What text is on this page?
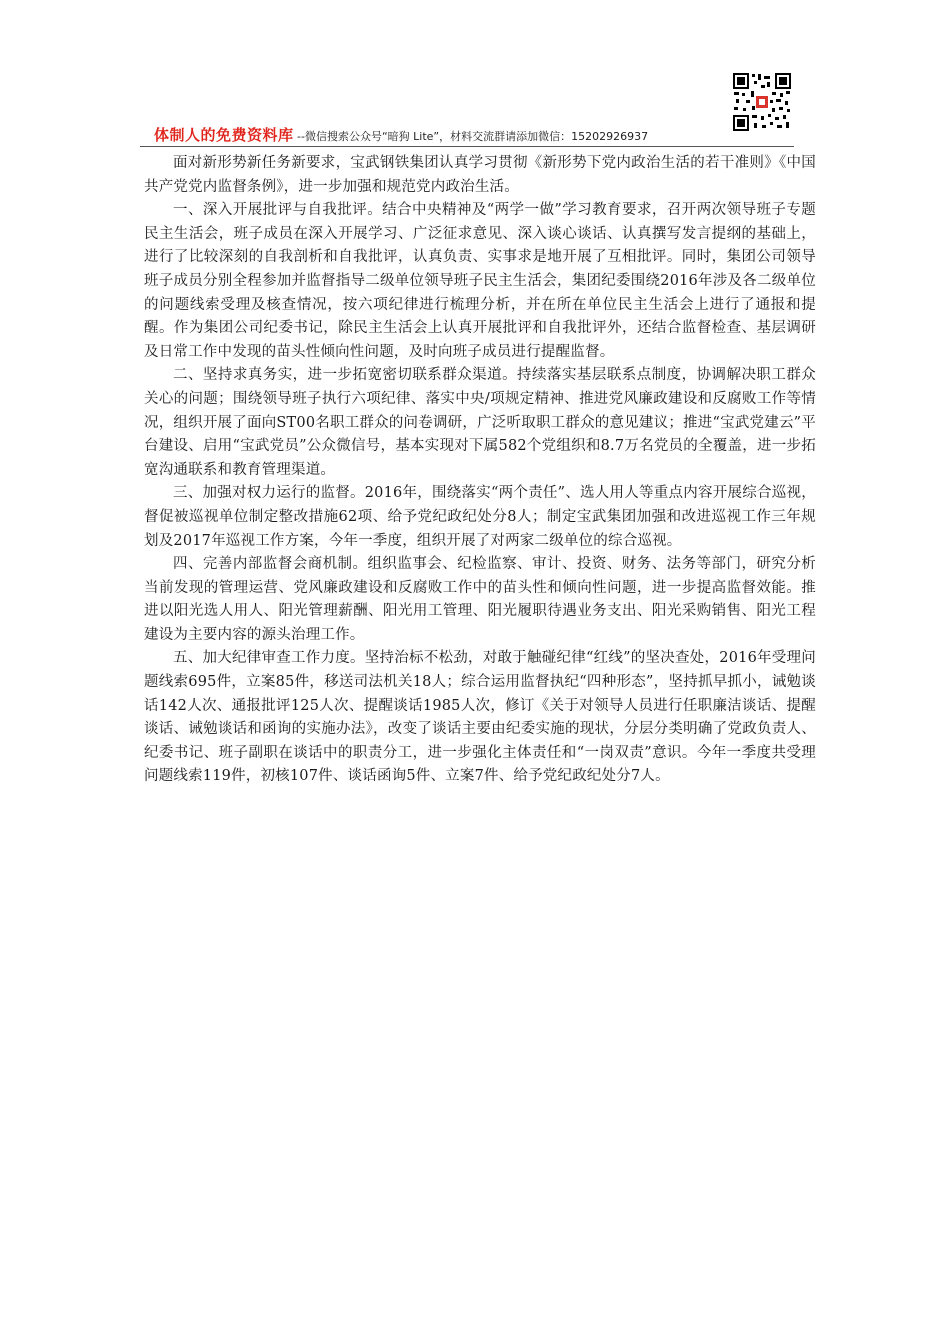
体制人的免费资料库 --微信搜索公众号“暗狗 Lite”，材料交流群请添加微信：15202926937

面对新形势新任务新要求，宝武钢铁集团认真学习贯彻《新形势下党内政治生活的若干准则》《中国共产党党内监督条例》，进一步加强和规范党内政治生活。

一、深入开展批评与自我批评。结合中央精神及“两学一做”学习教育要求，召开两次领导班子专题民主生活会，班子成员在深入开展学习、广泛征求意见、深入谈心谈话、认真撰写发言提纲的基础上，进行了比较深刻的自我剖析和自我批评，认真负责、实事求是地开展了互相批评。同时，集团公司领导班子成员分别全程参加并监督指导二级单位领导班子民主生活会，集团纪委围绕2016年涉及各二级单位的问题线索受理及核查情况，按六项纪律进行梳理分析，并在所在单位民主生活会上进行了通报和提醒。作为集团公司纪委书记，除民主生活会上认真开展批评和自我批评外，还结合监督检查、基层调研及日常工作中发现的苗头性倾向性问题，及时向班子成员进行提醒监督。

二、坚持求真务实，进一步拓宽密切联系群众渠道。持续落实基层联系点制度，协调解决职工群众关心的问题；围绕领导班子执行六项纪律、落实中央/项规定精神、推进党风廉政建设和反腐败工作等情况，组织开展了面向ST00名职工群众的问卷调研，广泛听取职工群众的意见建议；推进“宝武党建云”平台建设、启用“宝武党员”公众微信号，基本实现对下属582个党组织和8.7万名党员的全覆盖，进一步拓宽沟通联系和教育管理渠道。

三、加强对权力运行的监督。2016年，围绕落实“两个责任”、选人用人等重点内容开展综合巡视，督促被巡视单位制定整改措施62项、给予党纪政纪处分8人；制定宝武集团加强和改进巡视工作三年规划及2017年巡视工作方案，今年一季度，组织开展了对两家二级单位的综合巡视。

四、完善内部监督会商机制。组织监事会、纪检监察、审计、投资、财务、法务等部门，研究分析当前发现的管理运营、党风廉政建设和反腐败工作中的苗头性和倾向性问题，进一步提高监督效能。推进以阳光选人用人、阳光管理薪酬、阳光用工管理、阳光履职待遇业务支出、阳光采购销售、阳光工程建设为主要内容的源头治理工作。

五、加大纪律审查工作力度。坚持治标不松劲，对敢于触碰纪律“红线”的坚决查处，2016年受理问题线索695件，立案85件，移送司法机关18人；综合运用监督执纪“四种形态”，坚持抓早抓小，诫勉谈话142人次、通报批评125人次、提醒谈话1985人次，修订《关于对领导人员进行任职廉洁谈话、提醒谈话、诫勉谈话和函询的实施办法》，改变了谈话主要由纪委实施的现状，分层分类明确了党政负责人、纪委书记、班子副职在谈话中的职责分工，进一步强化主体责任和“一岗双责”意识。今年一季度共受理问题线索119件，初核107件、谈话函询5件、立案7件、给予党纪政纪处分7人。
